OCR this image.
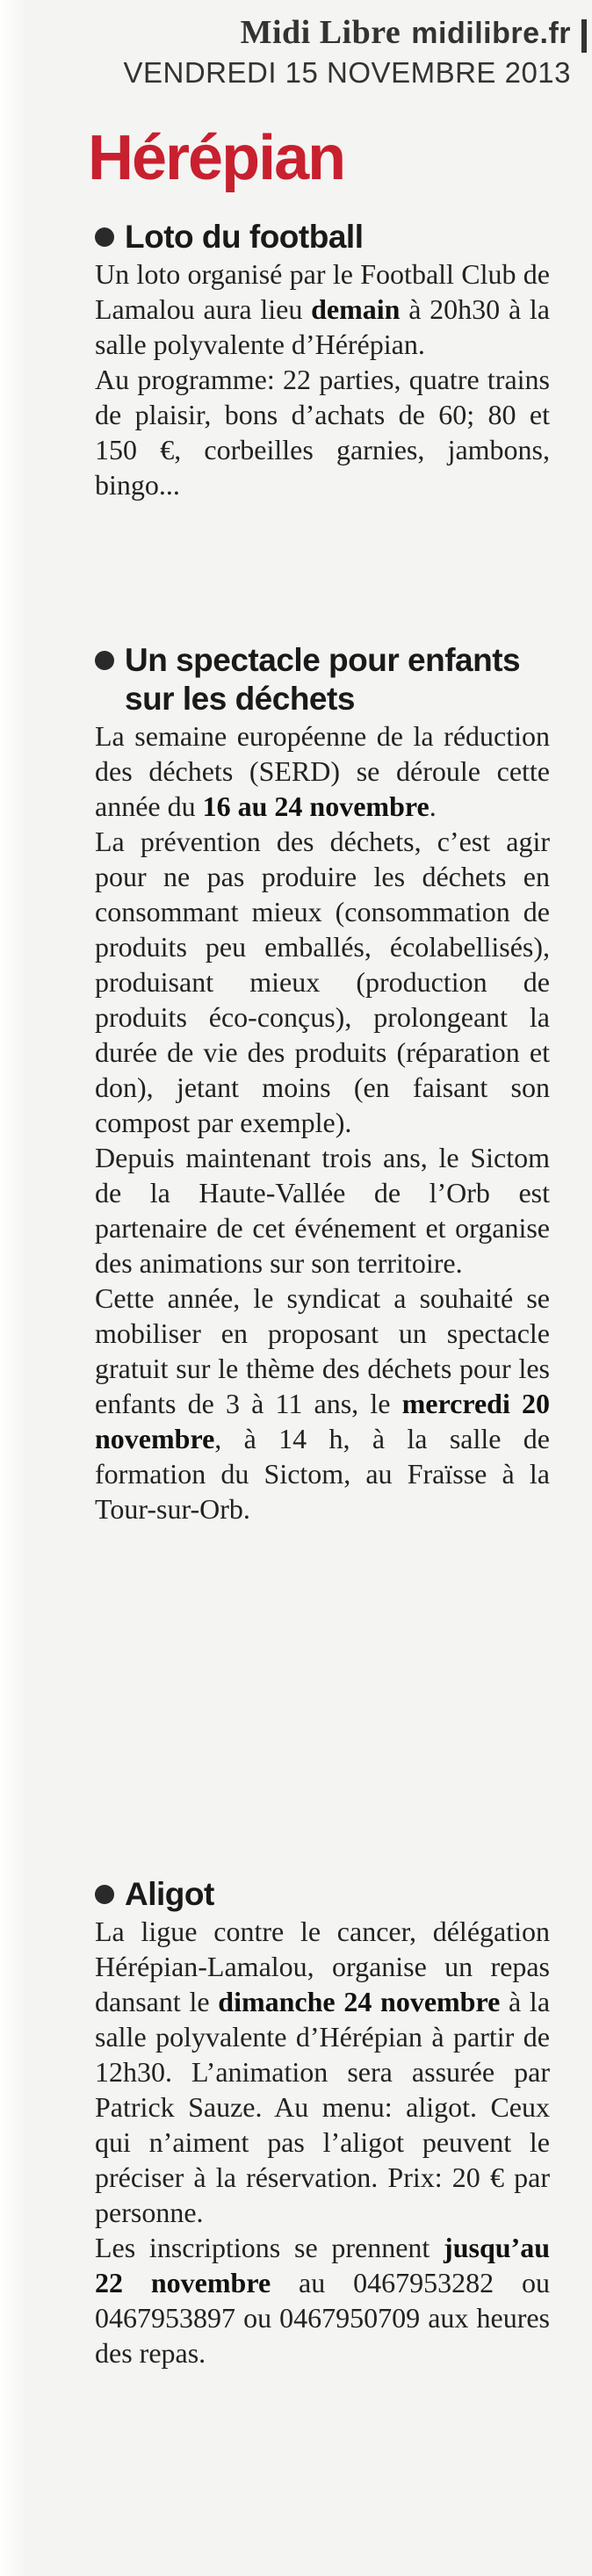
Midi Libre midilibre.fr
VENDREDI 15 NOVEMBRE 2013
Hérépian
Loto du football

Un loto organisé par le Football Club de Lamalou aura lieu demain à 20h30 à la salle polyvalente d’Hérépian.

Au programme: 22 parties, quatre trains de plaisir, bons d’achats de 60; 80 et 150 €, corbeilles garnies, jambons, bingo...

Un spectacle pour enfants sur les déchets

La semaine européenne de la réduction des déchets (SERD) se déroule cette année du 16 au 24 novembre.

La prévention des déchets, c’est agir pour ne pas produire les déchets en consommant mieux (consommation de produits peu emballés, écolabellisés), produisant mieux (production de produits éco-conçus), prolongeant la durée de vie des produits (réparation et don), jetant moins (en faisant son compost par exemple).

Depuis maintenant trois ans, le Sictom de la Haute-Vallée de l’Orb est partenaire de cet événement et organise des animations sur son territoire.

Cette année, le syndicat a souhaité se mobiliser en proposant un spectacle gratuit sur le thème des déchets pour les enfants de 3 à 11 ans, le mercredi 20 novembre, à 14 h, à la salle de formation du Sictom, au Fraïsse à la Tour-sur-Orb.

Aligot

La ligue contre le cancer, délégation Hérépian-Lamalou, organise un repas dansant le dimanche 24 novembre à la salle polyvalente d’Hérépian à partir de 12h30. L’animation sera assurée par Patrick Sauze. Au menu: aligot. Ceux qui n’aiment pas l’aligot peuvent le préciser à la réservation. Prix: 20 € par personne.

Les inscriptions se prennent jusqu’au 22 novembre au 0467953282 ou 0467953897 ou 0467950709 aux heures des repas.
